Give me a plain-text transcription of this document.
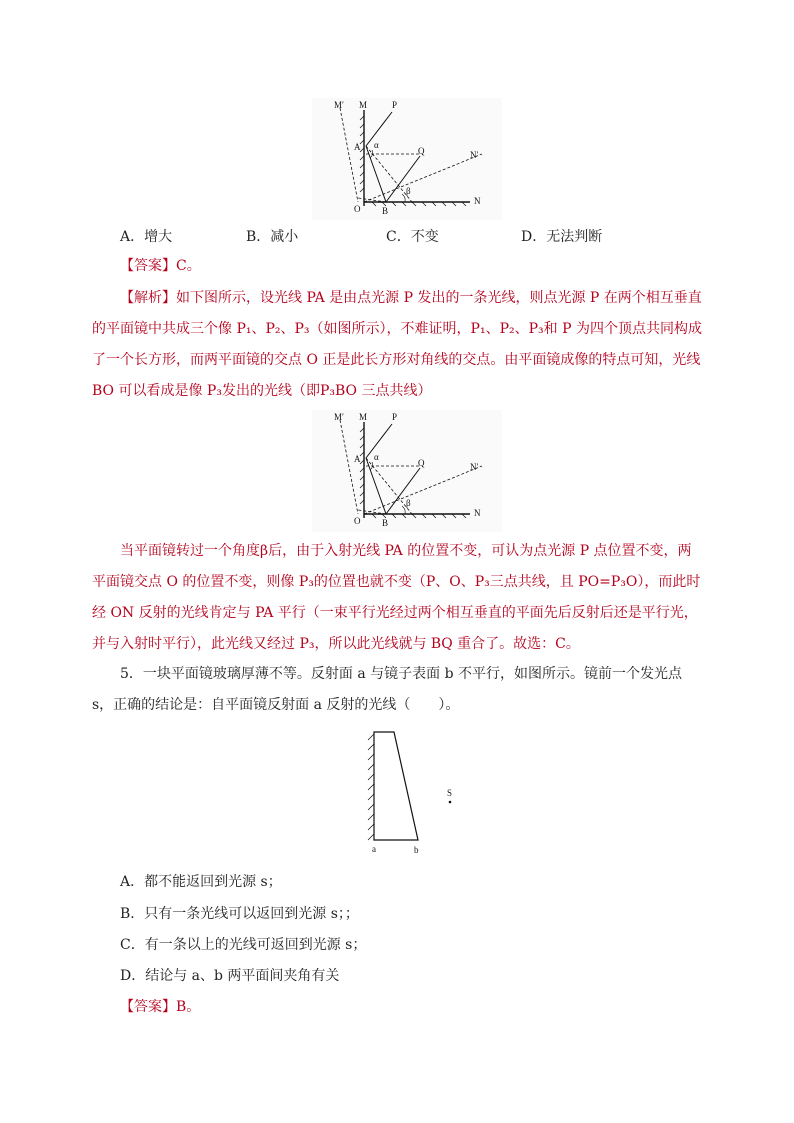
M′ M	P
A α
Q	N′
β
O B
N
A．增大	B．减小	C．不变	D．无法判断
【答案】C。
【解析】如下图所示，设光线 PA 是由点光源 P 发出的一条光线，则点光源 P 在两个相互垂直的平面镜中共成三个像 P₁、P₂、P₃（如图所示），不难证明，P₁、P₂、P₃和 P 为四个顶点共同构成了一个长方形，而两平面镜的交点 O 正是此长方形对角线的交点。由平面镜成像的特点可知，光线 BO 可以看成是像 P₃发出的光线（即P₃BO 三点共线）
M′ M	P
A α
Q	N′
β
O B
N
当平面镜转过一个角度β后，由于入射光线 PA 的位置不变，可认为点光源 P 点位置不变，两平面镜交点 O 的位置不变，则像 P₃的位置也就不变（P、O、P₃三点共线，且 PO=P₃O），而此时经 ON 反射的光线肯定与 PA 平行（一束平行光经过两个相互垂直的平面先后反射后还是平行光，并与入射时平行），此光线又经过 P₃，所以此光线就与 BQ 重合了。故选：C。
5．一块平面镜玻璃厚薄不等。反射面 a 与镜子表面 b 不平行，如图所示。镜前一个发光点 s，正确的结论是：自平面镜反射面 a 反射的光线（　　）。
S
a	b
A．都不能返回到光源 s；
B．只有一条光线可以返回到光源 s；；
C．有一条以上的光线可返回到光源 s；
D．结论与 a、b 两平面间夹角有关
【答案】B。
